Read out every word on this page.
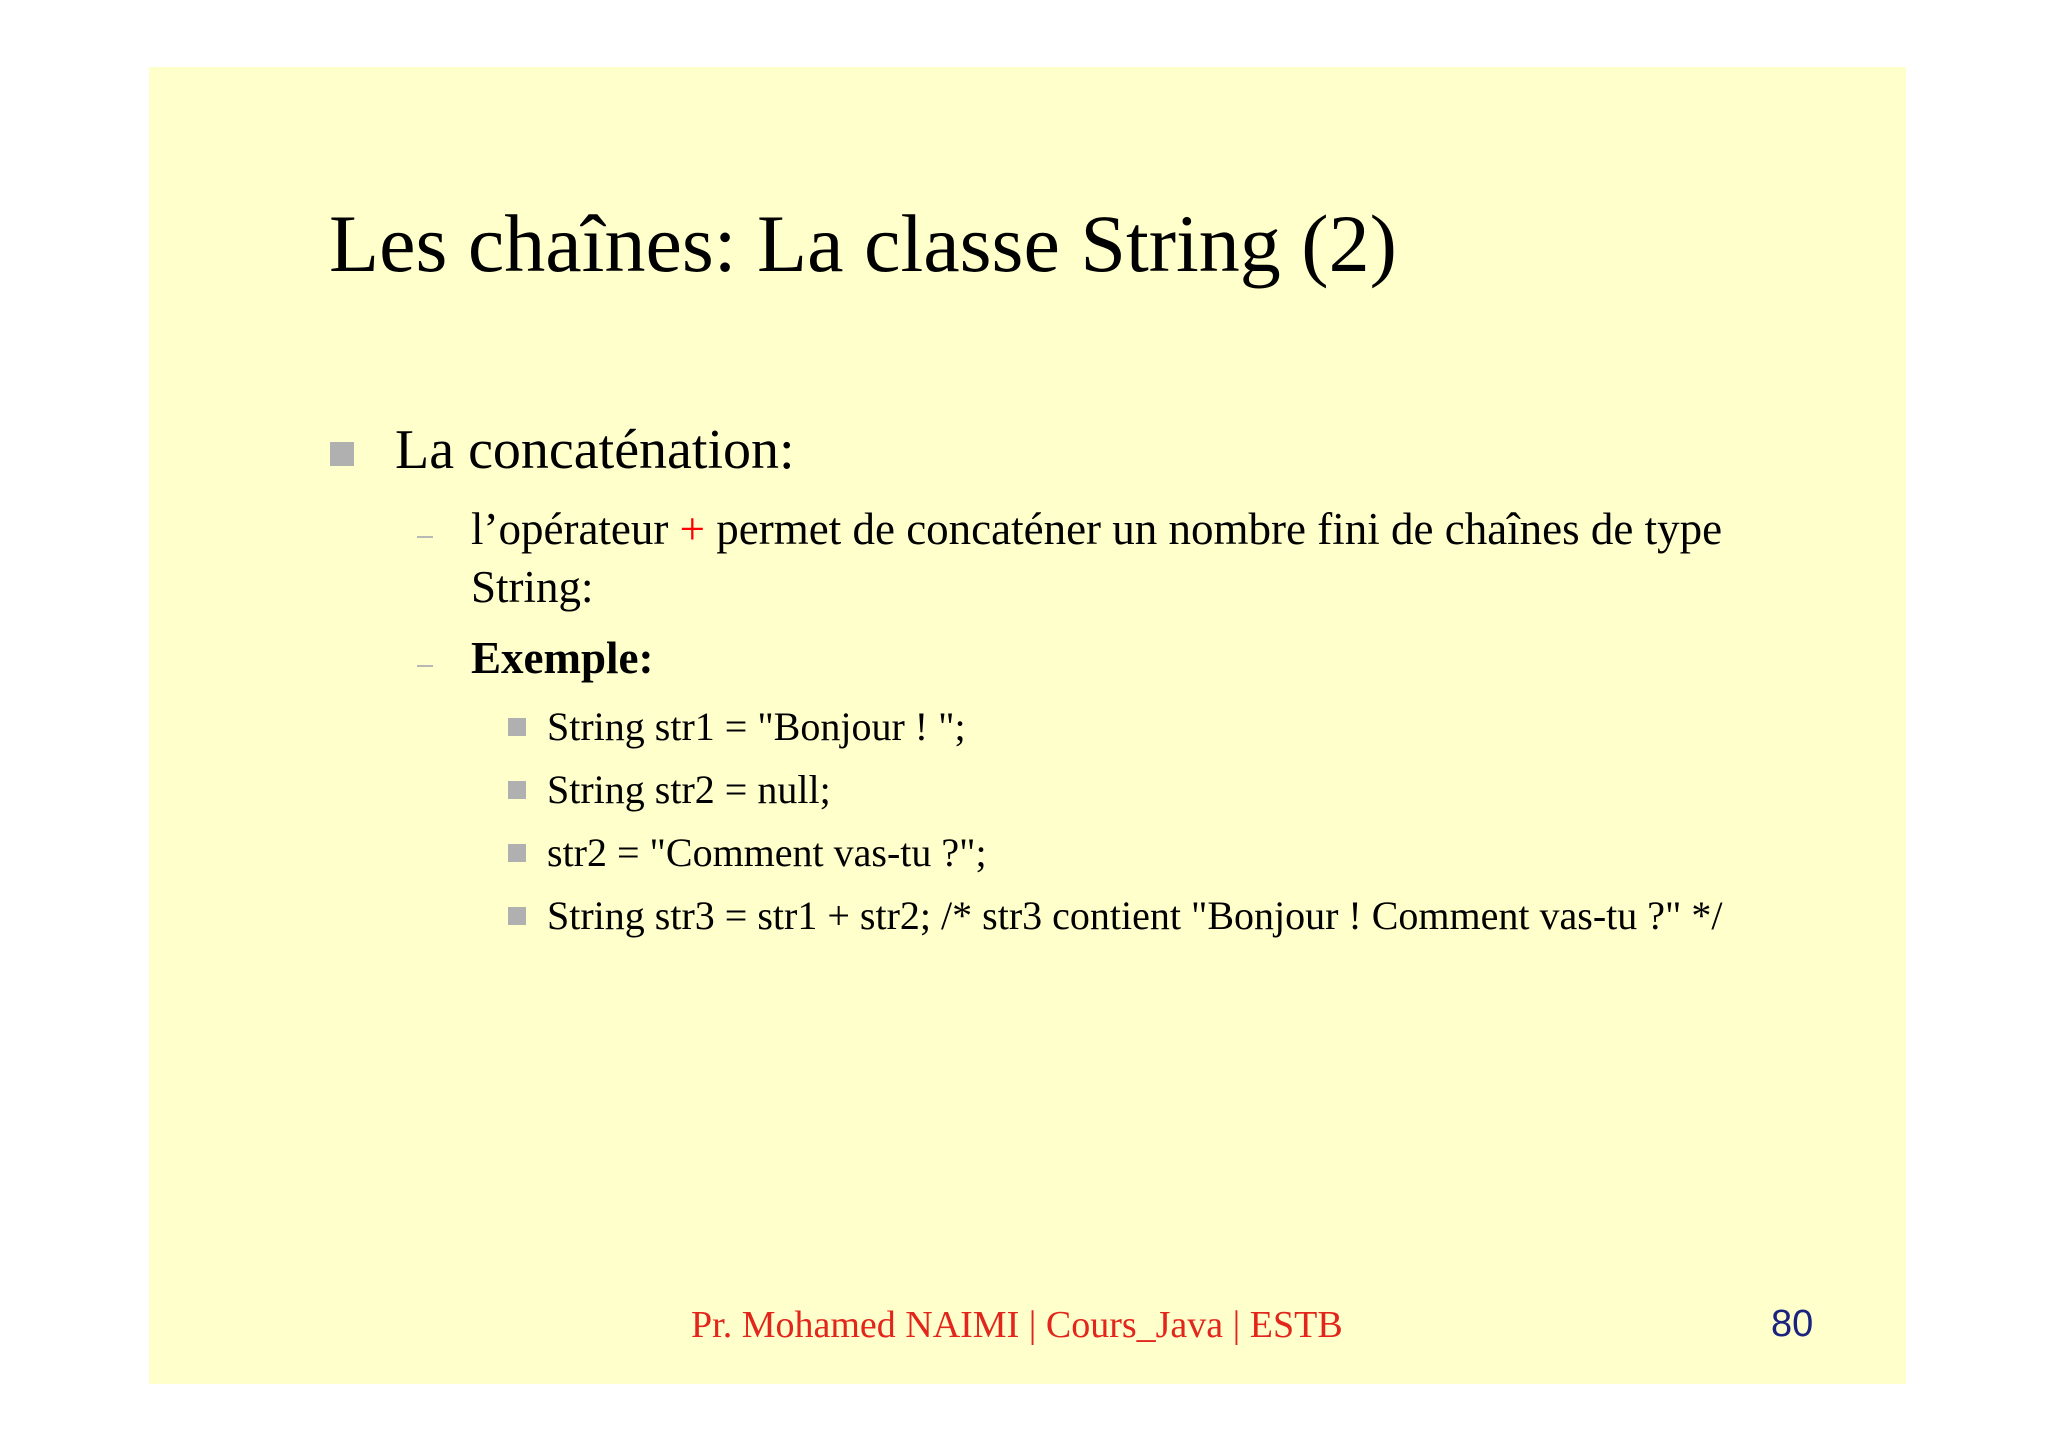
Les chaînes: La classe String (2)
La concaténation:
l’opérateur + permet de concaténer un nombre fini de chaînes de type String:
Exemple:
String str1 = "Bonjour ! ";
String str2 = null;
str2 = "Comment vas-tu ?";
String str3 = str1 + str2; /* str3 contient "Bonjour ! Comment vas-tu ?" */
Pr. Mohamed NAIMI | Cours_Java | ESTB	80
